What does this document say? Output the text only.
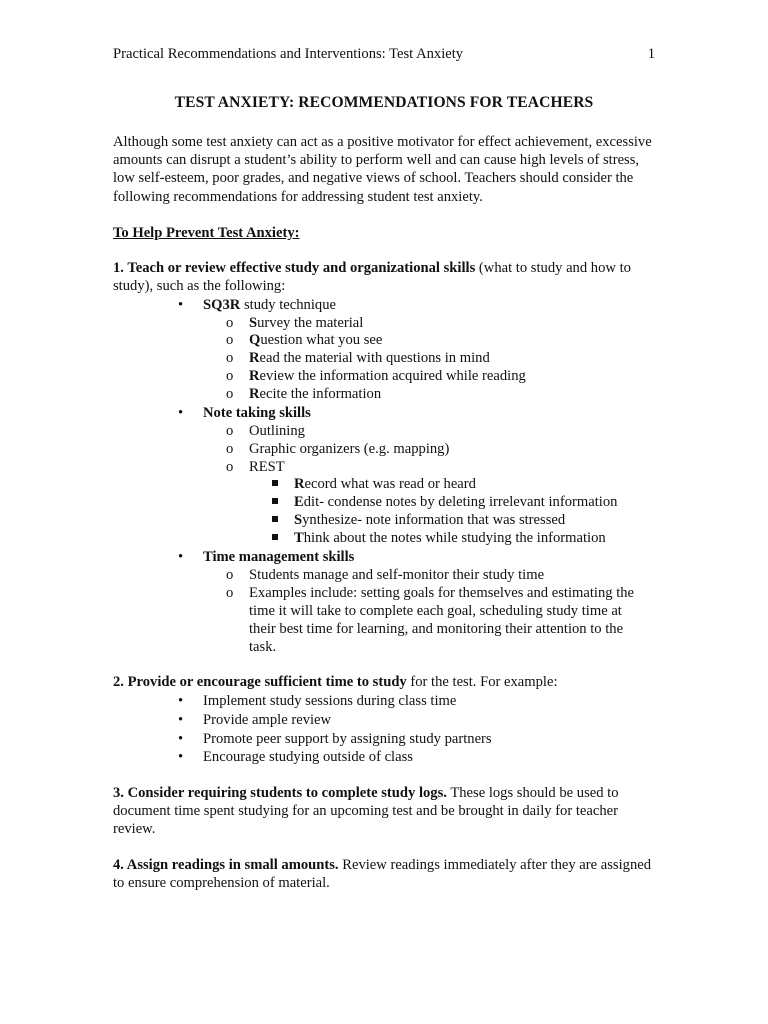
Practical Recommendations and Interventions: Test Anxiety	1
TEST ANXIETY: RECOMMENDATIONS FOR TEACHERS
Although some test anxiety can act as a positive motivator for effect achievement, excessive amounts can disrupt a student’s ability to perform well and can cause high levels of stress, low self-esteem, poor grades, and negative views of school. Teachers should consider the following recommendations for addressing student test anxiety.
To Help Prevent Test Anxiety:
1. Teach or review effective study and organizational skills (what to study and how to study), such as the following:
•	SQ3R study technique
o	Survey the material
o	Question what you see
o	Read the material with questions in mind
o	Review the information acquired while reading
o	Recite the information
•	Note taking skills
o	Outlining
o	Graphic organizers (e.g. mapping)
o	REST
Record what was read or heard
Edit- condense notes by deleting irrelevant information
Synthesize- note information that was stressed
Think about the notes while studying the information
•	Time management skills
o	Students manage and self-monitor their study time
o	Examples include: setting goals for themselves and estimating the time it will take to complete each goal, scheduling study time at their best time for learning, and monitoring their attention to the task.
2. Provide or encourage sufficient time to study for the test. For example:
•	Implement study sessions during class time
•	Provide ample review
•	Promote peer support by assigning study partners
•	Encourage studying outside of class
3. Consider requiring students to complete study logs. These logs should be used to document time spent studying for an upcoming test and be brought in daily for teacher review.
4. Assign readings in small amounts. Review readings immediately after they are assigned to ensure comprehension of material.
